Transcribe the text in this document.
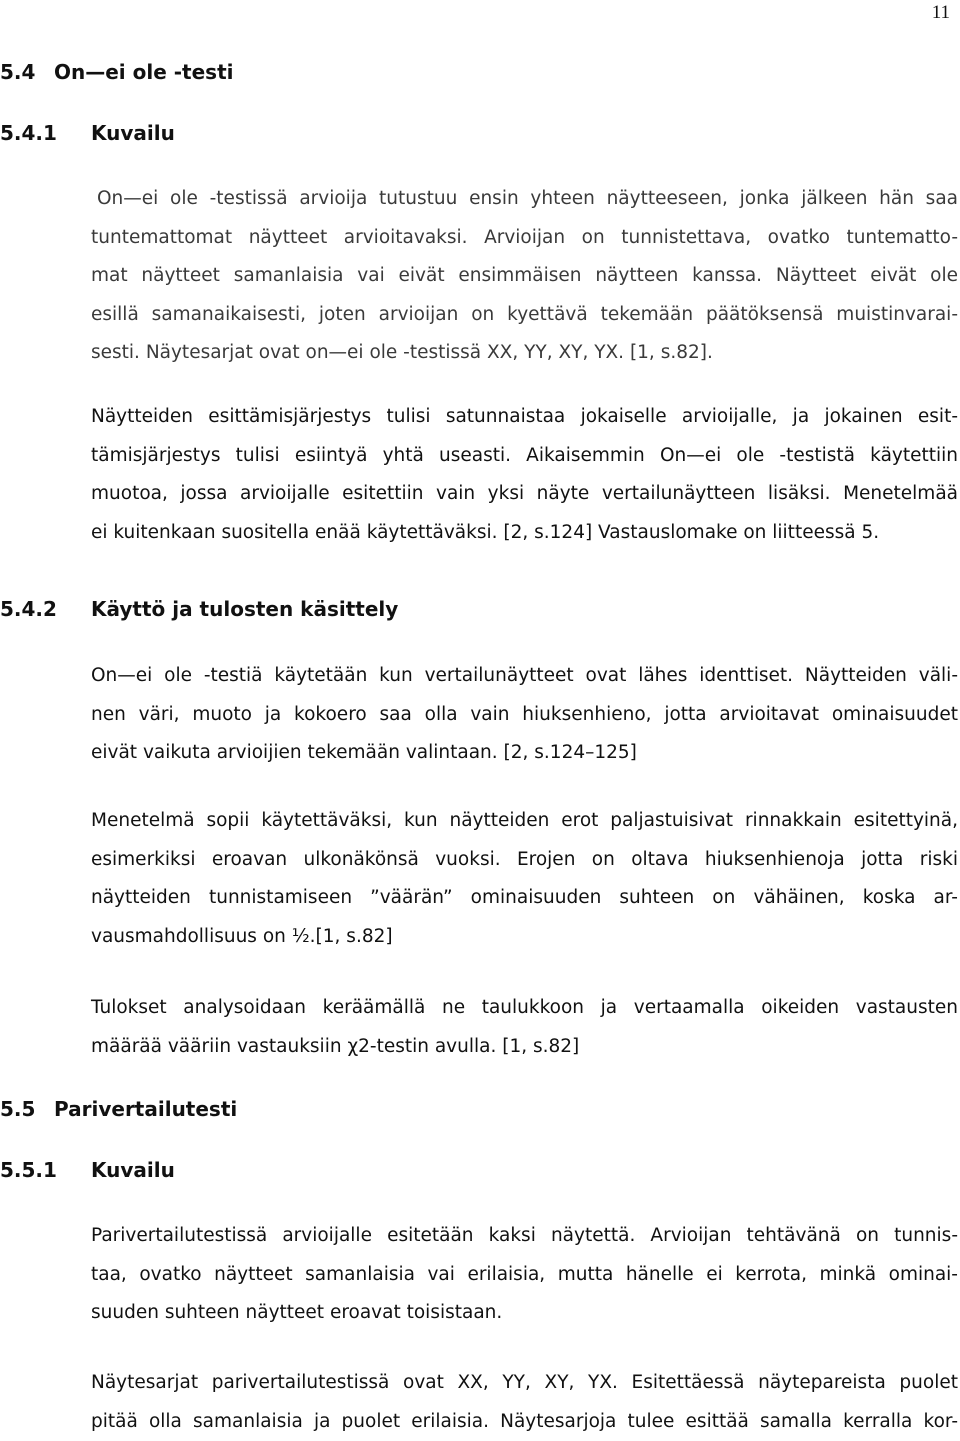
11
5.4 On—ei ole -testi
5.4.1 Kuvailu
On—ei ole -testissä arvioija tutustuu ensin yhteen näytteeseen, jonka jälkeen hän saa
tuntemattomat näytteet arvioitavaksi. Arvioijan on tunnistettava, ovatko tuntematto-
mat näytteet samanlaisia vai eivät ensimmäisen näytteen kanssa. Näytteet eivät ole
esillä samanaikaisesti, joten arvioijan on kyettävä tekemään päätöksensä muistinvarai-
sesti. Näytesarjat ovat on—ei ole -testissä XX, YY, XY, YX. [1, s.82].
Näytteiden esittämisjärjestys tulisi satunnaistaa jokaiselle arvioijalle, ja jokainen esit-
tämisjärjestys tulisi esiintyä yhtä useasti. Aikaisemmin On—ei ole -testistä käytettiin
muotoa, jossa arvioijalle esitettiin vain yksi näyte vertailunäytteen lisäksi. Menetelmää
ei kuitenkaan suositella enää käytettäväksi. [2, s.124] Vastauslomake on liitteessä 5.
5.4.2 Käyttö ja tulosten käsittely
On—ei ole -testiä käytetään kun vertailunäytteet ovat lähes identtiset. Näytteiden väli-
nen väri, muoto ja kokoero saa olla vain hiuksenhieno, jotta arvioitavat ominaisuudet
eivät vaikuta arvioijien tekemään valintaan. [2, s.124–125]
Menetelmä sopii käytettäväksi, kun näytteiden erot paljastuisivat rinnakkain esitettyinä,
esimerkiksi eroavan ulkonäkönsä vuoksi. Erojen on oltava hiuksenhienoja jotta riski
näytteiden tunnistamiseen ”väärän” ominaisuuden suhteen on vähäinen, koska ar-
vausmahdollisuus on ½.[1, s.82]
Tulokset analysoidaan keräämällä ne taulukkoon ja vertaamalla oikeiden vastausten
määrää vääriin vastauksiin χ2-testin avulla. [1, s.82]
5.5 Parivertailutesti
5.5.1 Kuvailu
Parivertailutestissä arvioijalle esitetään kaksi näytettä. Arvioijan tehtävänä on tunnis-
taa, ovatko näytteet samanlaisia vai erilaisia, mutta hänelle ei kerrota, minkä ominai-
suuden suhteen näytteet eroavat toisistaan.
Näytesarjat parivertailutestissä ovat XX, YY, XY, YX. Esitettäessä näytepareista puolet
pitää olla samanlaisia ja puolet erilaisia. Näytesarjoja tulee esittää samalla kerralla kor-
